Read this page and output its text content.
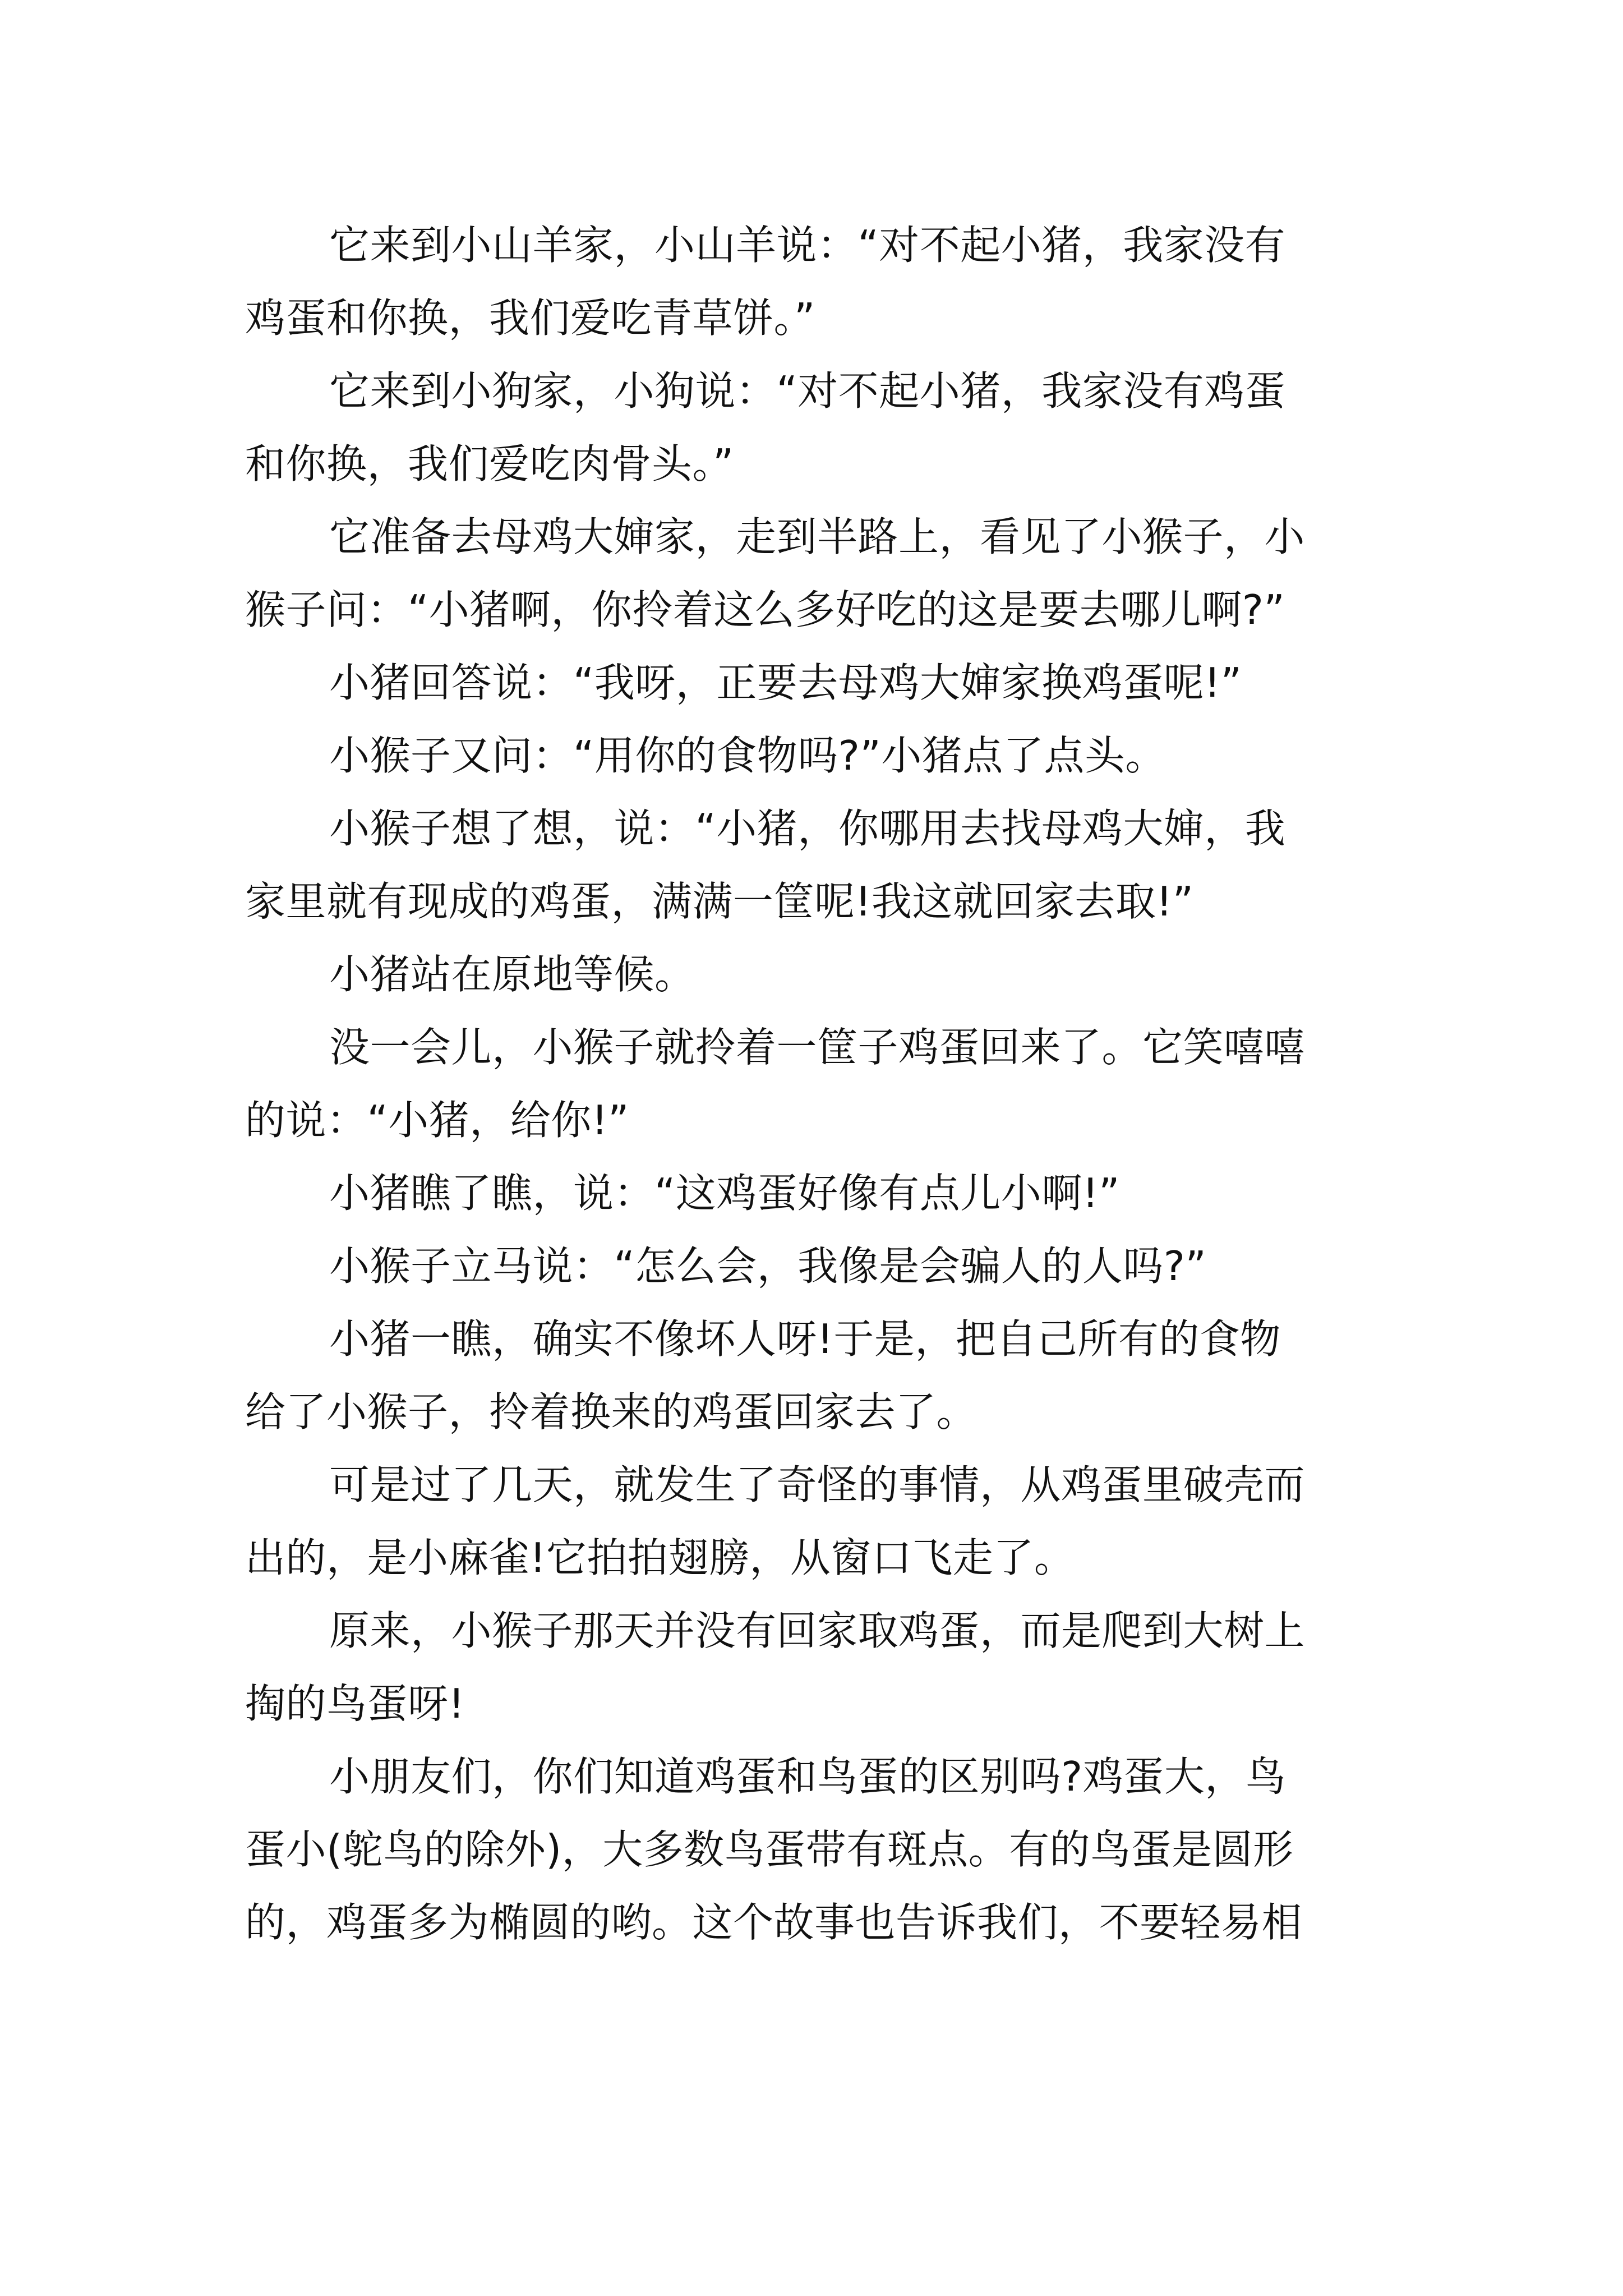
它来到小山羊家，小山羊说：“对不起小猪，我家没有
鸡蛋和你换，我们爱吃青草饼。”
它来到小狗家，小狗说：“对不起小猪，我家没有鸡蛋
和你换，我们爱吃肉骨头。”
它准备去母鸡大婶家，走到半路上，看见了小猴子，小
猴子问：“小猪啊，你拎着这么多好吃的这是要去哪儿啊?”
小猪回答说：“我呀，正要去母鸡大婶家换鸡蛋呢!”
小猴子又问：“用你的食物吗?”小猪点了点头。
小猴子想了想，说：“小猪，你哪用去找母鸡大婶，我
家里就有现成的鸡蛋，满满一筐呢!我这就回家去取!”
小猪站在原地等候。
没一会儿，小猴子就拎着一筐子鸡蛋回来了。它笑嘻嘻
的说：“小猪，给你!”
小猪瞧了瞧，说：“这鸡蛋好像有点儿小啊!”
小猴子立马说：“怎么会，我像是会骗人的人吗?”
小猪一瞧，确实不像坏人呀!于是，把自己所有的食物
给了小猴子，拎着换来的鸡蛋回家去了。
可是过了几天，就发生了奇怪的事情，从鸡蛋里破壳而
出的，是小麻雀!它拍拍翅膀，从窗口飞走了。
原来，小猴子那天并没有回家取鸡蛋，而是爬到大树上
掏的鸟蛋呀!
小朋友们，你们知道鸡蛋和鸟蛋的区别吗?鸡蛋大，鸟
蛋小(鸵鸟的除外)，大多数鸟蛋带有斑点。有的鸟蛋是圆形
的，鸡蛋多为椭圆的哟。这个故事也告诉我们，不要轻易相
